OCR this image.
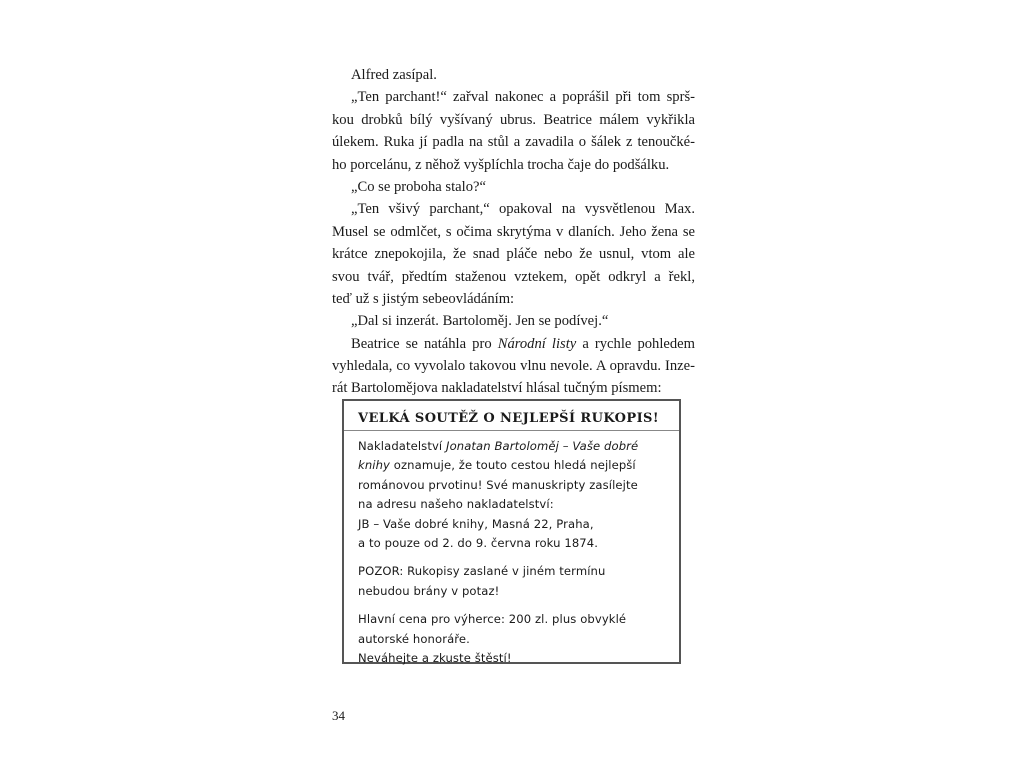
Alfred zasípal.
„Ten parchant!“ zařval nakonec a poprášil při tom sprš-
kou drobků bílý vyšívaný ubrus. Beatrice málem vykřikla
úlekem. Ruka jí padla na stůl a zavadila o šálek z tenoučké-
ho porcelánu, z něhož vyšplíchla trocha čaje do podšálku.
„Co se proboha stalo?“
„Ten všivý parchant,“ opakoval na vysvětlenou Max.
Musel se odmlčet, s očima skrytýma v dlaních. Jeho žena se
krátce znepokojila, že snad pláče nebo že usnul, vtom ale
svou tvář, předtím staženou vztekem, opět odkryl a řekl,
teď už s jistým sebeovládáním:
„Dal si inzerát. Bartoloměj. Jen se podívej.“
Beatrice se natáhla pro Národní listy a rychle pohledem
vyhledala, co vyvolalo takovou vlnu nevole. A opravdu. Inze-
rát Bartolomějova nakladatelství hlásal tučným písmem:
VELKÁ SOUTĚŽ O NEJLEPŠÍ RUKOPIS!
Nakladatelství Jonatan Bartoloměj – Vaše dobré
knihy oznamuje, že touto cestou hledá nejlepší
románovou prvotinu! Své manuskripty zasílejte
na adresu našeho nakladatelství:
JB – Vaše dobré knihy, Masná 22, Praha,
a to pouze od 2. do 9. června roku 1874.
POZOR: Rukopisy zaslané v jiném termínu
nebudou brány v potaz!
Hlavní cena pro výherce: 200 zl. plus obvyklé
autorské honoráře.
Neváhejte a zkuste štěstí!
34
